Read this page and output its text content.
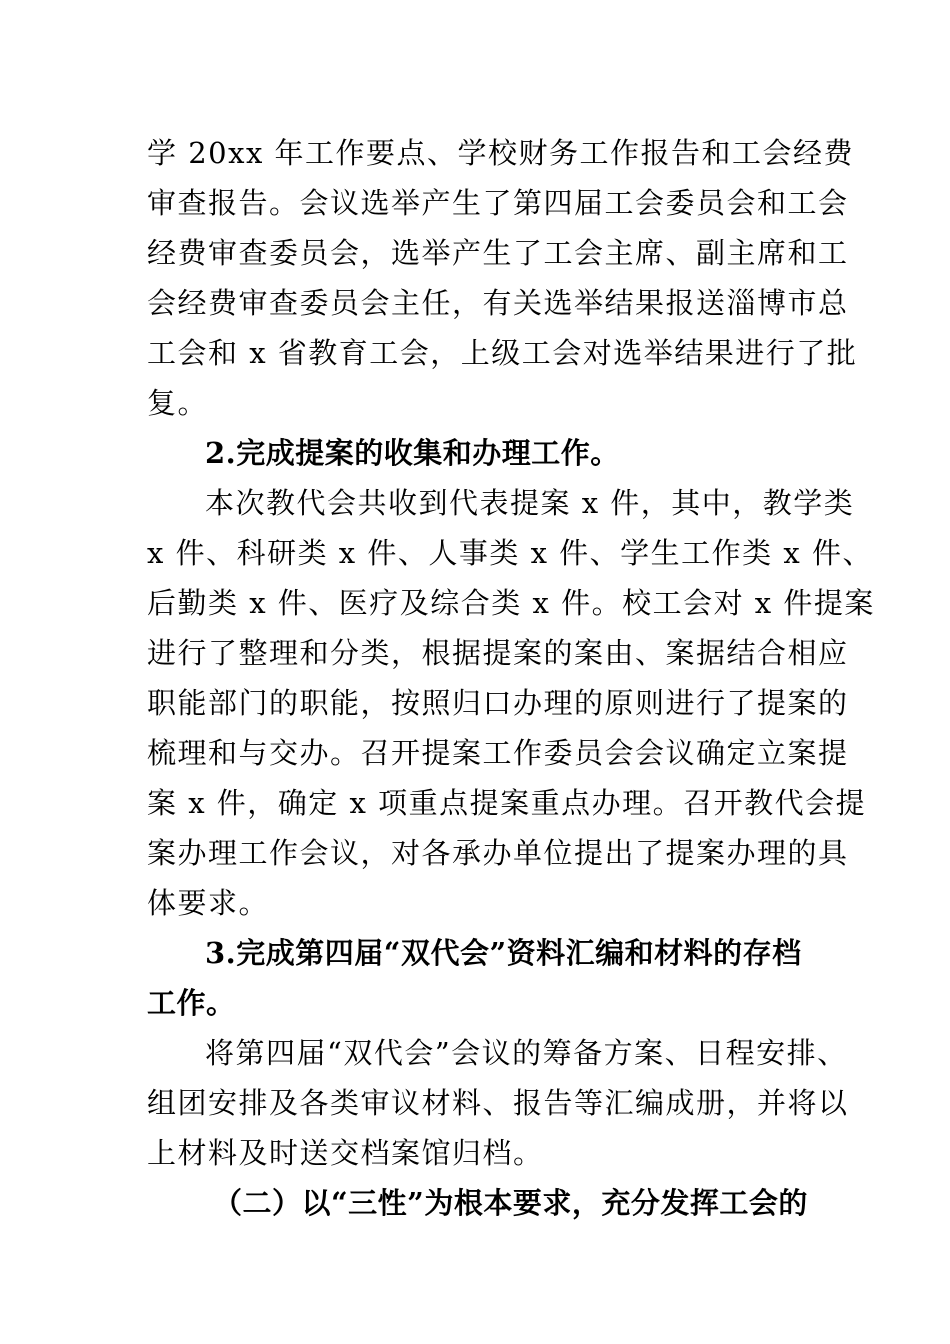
学 20xx 年工作要点、学校财务工作报告和工会经费
审查报告。会议选举产生了第四届工会委员会和工会
经费审查委员会，选举产生了工会主席、副主席和工
会经费审查委员会主任，有关选举结果报送淄博市总
工会和 x 省教育工会，上级工会对选举结果进行了批
复。
2.完成提案的收集和办理工作。
本次教代会共收到代表提案 x 件，其中，教学类
x 件、科研类 x 件、人事类 x 件、学生工作类 x 件、
后勤类 x 件、医疗及综合类 x 件。校工会对 x 件提案
进行了整理和分类，根据提案的案由、案据结合相应
职能部门的职能，按照归口办理的原则进行了提案的
梳理和与交办。召开提案工作委员会会议确定立案提
案 x 件，确定 x 项重点提案重点办理。召开教代会提
案办理工作会议，对各承办单位提出了提案办理的具
体要求。
3.完成第四届“双代会”资料汇编和材料的存档
工作。
将第四届“双代会”会议的筹备方案、日程安排、
组团安排及各类审议材料、报告等汇编成册，并将以
上材料及时送交档案馆归档。
（二）以“三性”为根本要求，充分发挥工会的
